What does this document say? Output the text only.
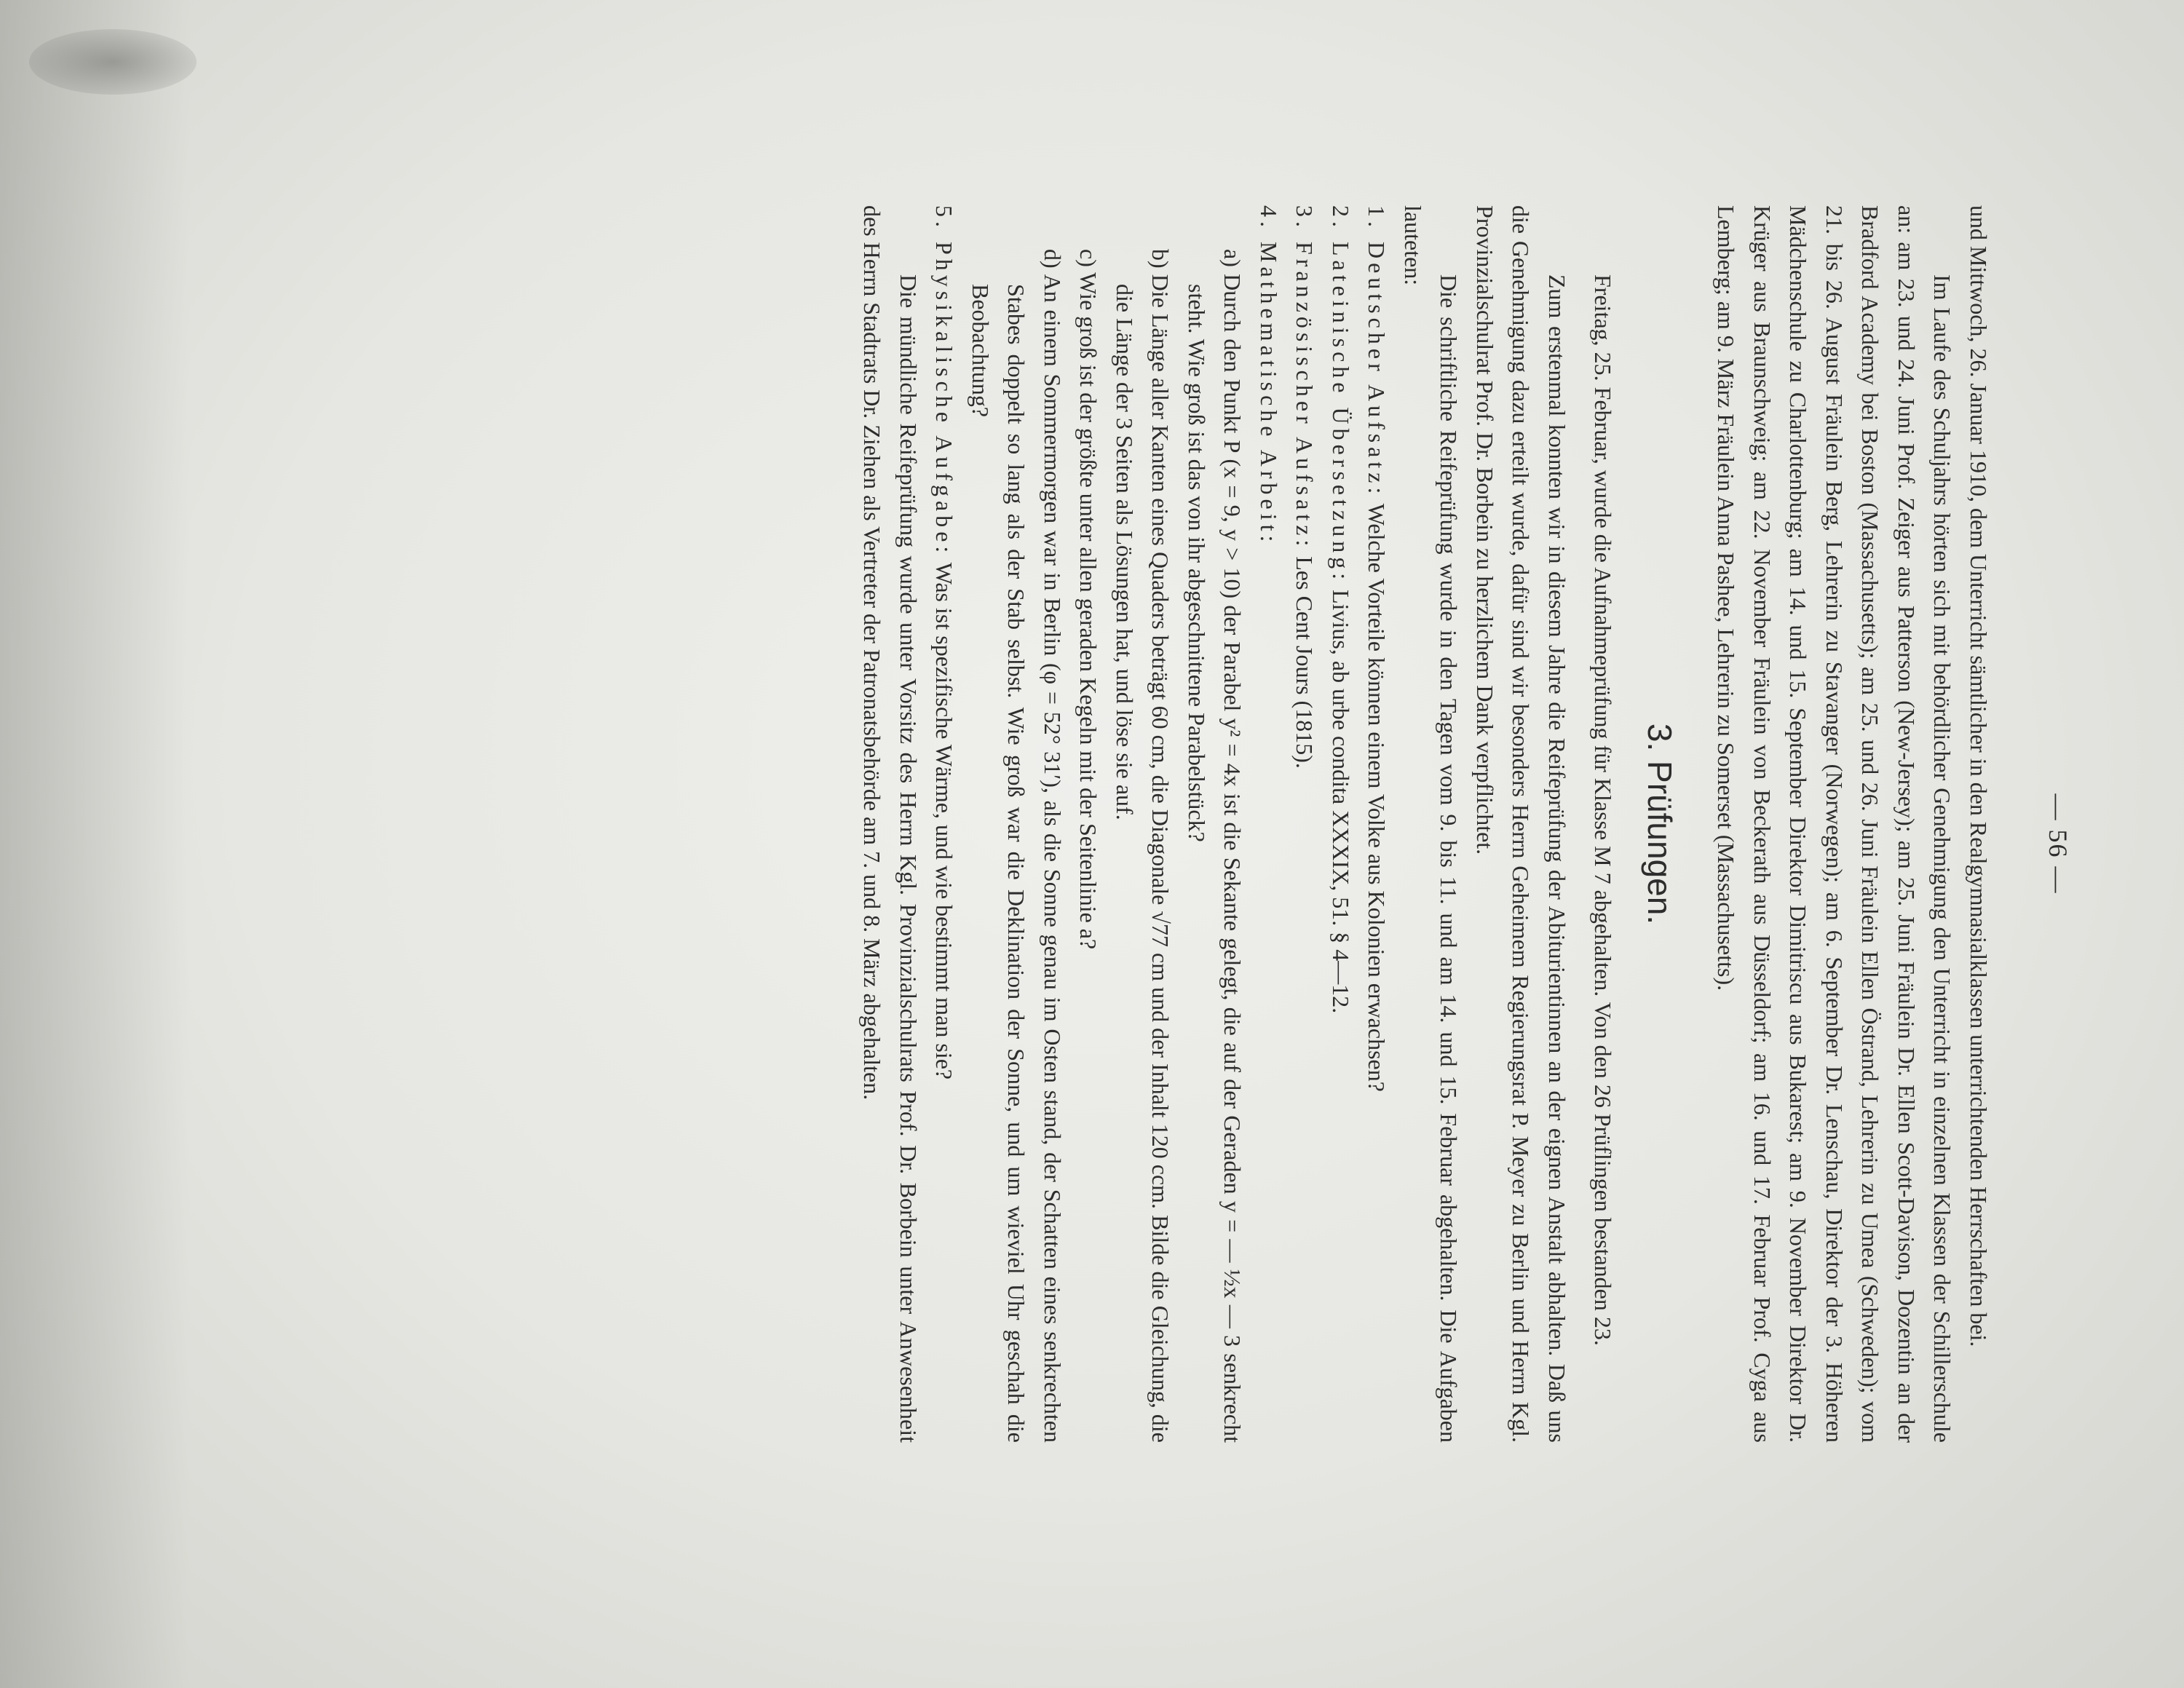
— 56 —

und Mittwoch, 26. Januar 1910, dem Unterricht sämtlicher in den Realgymnasialklassen unterrichtenden Herrschaften bei.

Im Laufe des Schuljahrs hörten sich mit behördlicher Genehmigung den Unterricht in einzelnen Klassen der Schillerschule an: am 23. und 24. Juni Prof. Zeiger aus Patterson (New-Jersey); am 25. Juni Fräulein Dr. Ellen Scott-Davison, Dozentin an der Bradford Academy bei Boston (Massachusetts); am 25. und 26. Juni Fräulein Ellen Östrand, Lehrerin zu Umea (Schweden); vom 21. bis 26. August Fräulein Berg, Lehrerin zu Stavanger (Norwegen); am 6. September Dr. Lenschau, Direktor der 3. Höheren Mädchenschule zu Charlottenburg; am 14. und 15. September Direktor Dimitriscu aus Bukarest; am 9. November Direktor Dr. Krüger aus Braunschweig; am 22. November Fräulein von Beckerath aus Düsseldorf; am 16. und 17. Februar Prof. Cyga aus Lemberg; am 9. März Fräulein Anna Pashee, Lehrerin zu Somerset (Massachusetts).

3. Prüfungen.

Freitag, 25. Februar, wurde die Aufnahmeprüfung für Klasse M 7 abgehalten. Von den 26 Prüflingen bestanden 23.

Zum erstenmal konnten wir in diesem Jahre die Reifeprüfung der Abiturientinnen an der eignen Anstalt abhalten. Daß uns die Genehmigung dazu erteilt wurde, dafür sind wir besonders Herrn Geheimem Regierungsrat P. Meyer zu Berlin und Herrn Kgl. Provinzialschulrat Prof. Dr. Borbein zu herzlichem Dank verpflichtet.

Die schriftliche Reifeprüfung wurde in den Tagen vom 9. bis 11. und am 14. und 15. Februar abgehalten. Die Aufgaben lauteten:

1. Deutscher Aufsatz: Welche Vorteile können einem Volke aus Kolonien erwachsen?

2. Lateinische Übersetzung: Livius, ab urbe condita XXXIX, 51. § 4—12.

3. Französischer Aufsatz: Les Cent Jours (1815).

4. Mathematische Arbeit:

a) Durch den Punkt P (x = 9, y > 10) der Parabel y² = 4x ist die Sekante gelegt, die auf der Geraden y = — ½x — 3 senkrecht steht. Wie groß ist das von ihr abgeschnittene Parabelstück?

b) Die Länge aller Kanten eines Quaders beträgt 60 cm, die Diagonale √77 cm und der Inhalt 120 ccm. Bilde die Gleichung, die die Länge der 3 Seiten als Lösungen hat, und löse sie auf.

c) Wie groß ist der größte unter allen geraden Kegeln mit der Seitenlinie a?

d) An einem Sommermorgen war in Berlin (φ = 52° 31′), als die Sonne genau im Osten stand, der Schatten eines senkrechten Stabes doppelt so lang als der Stab selbst. Wie groß war die Deklination der Sonne, und um wieviel Uhr geschah die Beobachtung?

5. Physikalische Aufgabe: Was ist spezifische Wärme, und wie bestimmt man sie?

Die mündliche Reifeprüfung wurde unter Vorsitz des Herrn Kgl. Provinzialschulrats Prof. Dr. Borbein unter Anwesenheit des Herrn Stadtrats Dr. Ziehen als Vertreter der Patronatsbehörde am 7. und 8. März abgehalten.
